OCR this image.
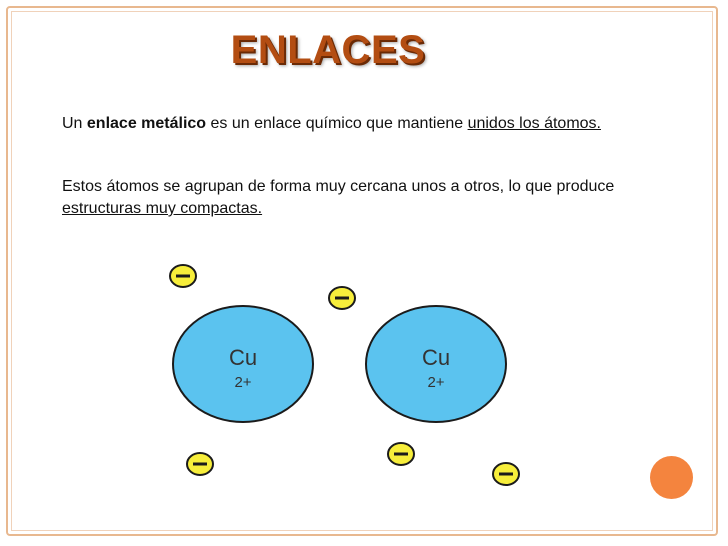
ENLACES
Un enlace metálico es un enlace químico que mantiene unidos los átomos.
Estos átomos se agrupan de forma muy cercana unos a otros, lo que produce estructuras muy compactas.
Cu
2+
Cu
2+
